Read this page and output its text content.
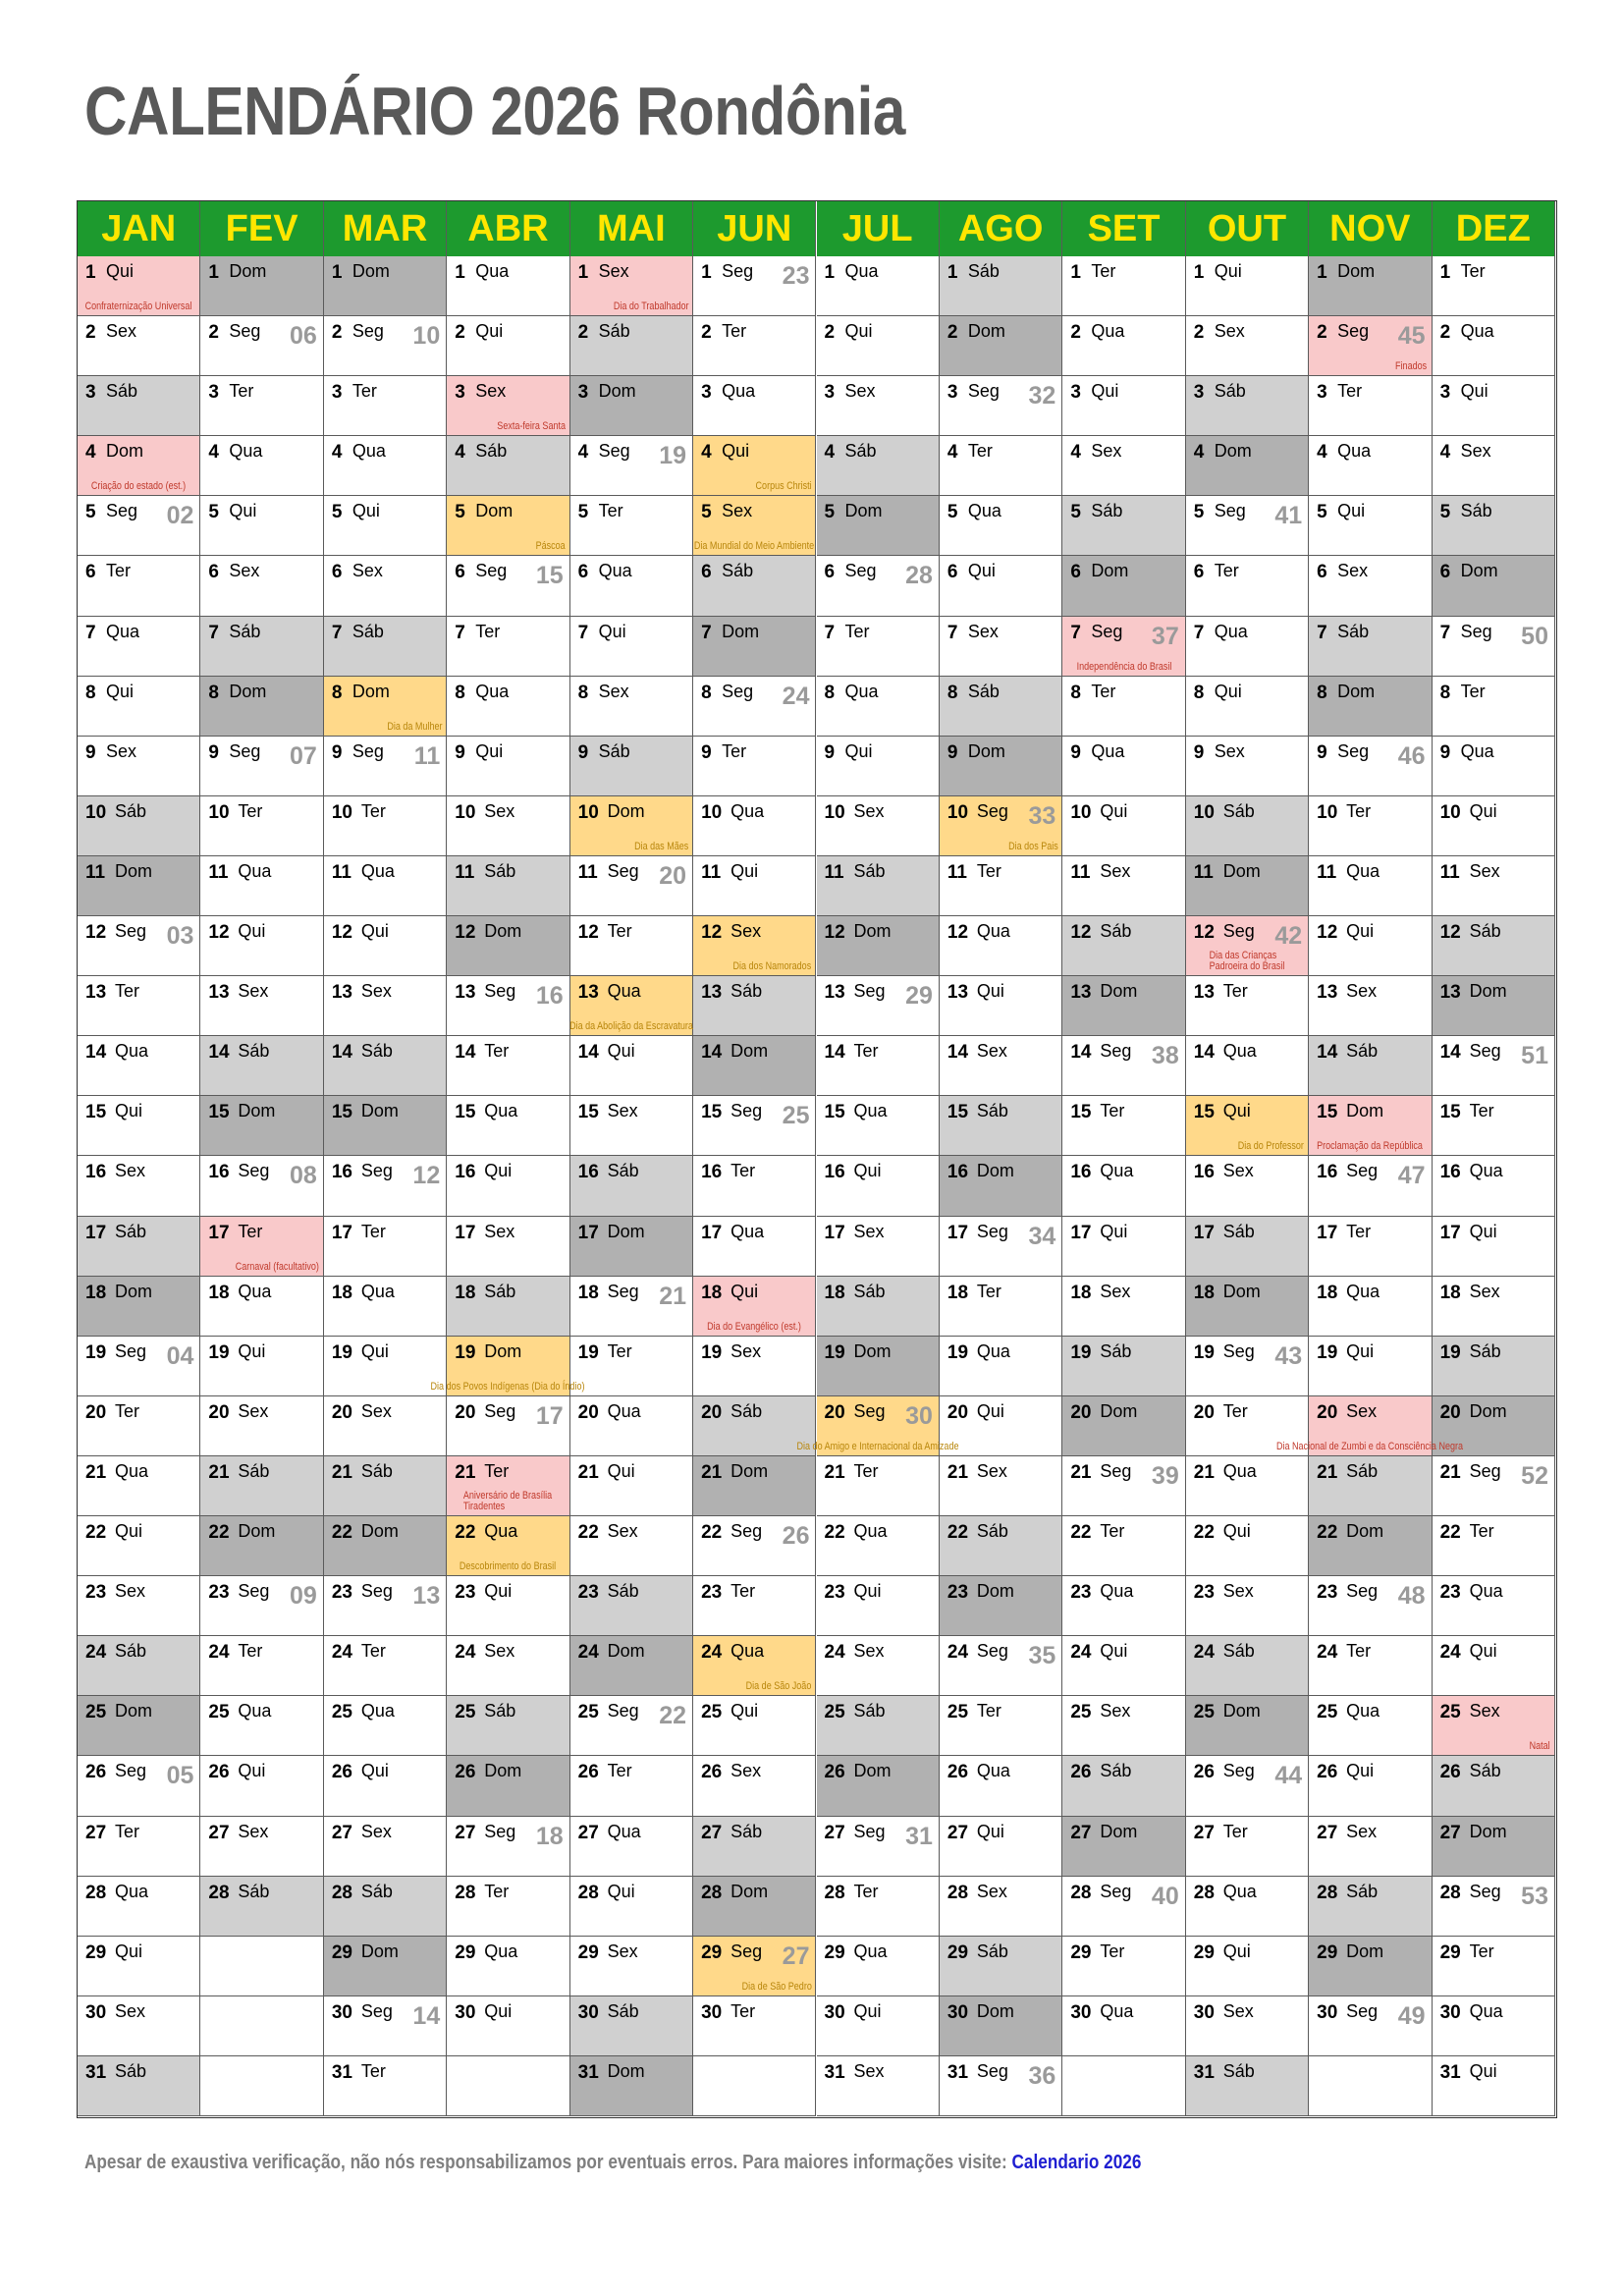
CALENDÁRIO 2026 Rondônia
JAN
1 Qui
Confraternização Universal
2 Sex
3 Sáb
4 Dom
Criação do estado (est.)
5 Seg 02
6 Ter
7 Qua
8 Qui
9 Sex
10 Sáb
11 Dom
12 Seg 03
13 Ter
14 Qua
15 Qui
16 Sex
17 Sáb
18 Dom
19 Seg 04
20 Ter
21 Qua
22 Qui
23 Sex
24 Sáb
25 Dom
26 Seg 05
27 Ter
28 Qua
29 Qui
30 Sex
31 Sáb
FEV
1 Dom
2 Seg 06
3 Ter
4 Qua
5 Qui
6 Sex
7 Sáb
8 Dom
9 Seg 07
10 Ter
11 Qua
12 Qui
13 Sex
14 Sáb
15 Dom
16 Seg 08
17 Ter
Carnaval (facultativo)
18 Qua
19 Qui
20 Sex
21 Sáb
22 Dom
23 Seg 09
24 Ter
25 Qua
26 Qui
27 Sex
28 Sáb
MAR
1 Dom
2 Seg 10
3 Ter
4 Qua
5 Qui
6 Sex
7 Sáb
8 Dom
Dia da Mulher
9 Seg 11
10 Ter
11 Qua
12 Qui
13 Sex
14 Sáb
15 Dom
16 Seg 12
17 Ter
18 Qua
19 Qui
20 Sex
21 Sáb
22 Dom
23 Seg 13
24 Ter
25 Qua
26 Qui
27 Sex
28 Sáb
29 Dom
30 Seg 14
31 Ter
ABR
1 Qua
2 Qui
3 Sex
Sexta-feira Santa
4 Sáb
5 Dom
Páscoa
6 Seg 15
7 Ter
8 Qua
9 Qui
10 Sex
11 Sáb
12 Dom
13 Seg 16
14 Ter
15 Qua
16 Qui
17 Sex
18 Sáb
19 Dom
Dia dos Povos Indígenas (Dia do Índio)
20 Seg 17
21 Ter
Aniversário de Brasília
Tiradentes
22 Qua
Descobrimento do Brasil
23 Qui
24 Sex
25 Sáb
26 Dom
27 Seg 18
28 Ter
29 Qua
30 Qui
MAI
1 Sex
Dia do Trabalhador
2 Sáb
3 Dom
4 Seg 19
5 Ter
6 Qua
7 Qui
8 Sex
9 Sáb
10 Dom
Dia das Mães
11 Seg 20
12 Ter
13 Qua
Dia da Abolição da Escravatura
14 Qui
15 Sex
16 Sáb
17 Dom
18 Seg 21
19 Ter
20 Qua
21 Qui
22 Sex
23 Sáb
24 Dom
25 Seg 22
26 Ter
27 Qua
28 Qui
29 Sex
30 Sáb
31 Dom
JUN
1 Seg 23
2 Ter
3 Qua
4 Qui
Corpus Christi
5 Sex
Dia Mundial do Meio Ambiente
6 Sáb
7 Dom
8 Seg 24
9 Ter
10 Qua
11 Qui
12 Sex
Dia dos Namorados
13 Sáb
14 Dom
15 Seg 25
16 Ter
17 Qua
18 Qui
Dia do Evangélico (est.)
19 Sex
20 Sáb
21 Dom
22 Seg 26
23 Ter
24 Qua
Dia de São João
25 Qui
26 Sex
27 Sáb
28 Dom
29 Seg 27
Dia de São Pedro
30 Ter
JUL
1 Qua
2 Qui
3 Sex
4 Sáb
5 Dom
6 Seg 28
7 Ter
8 Qua
9 Qui
10 Sex
11 Sáb
12 Dom
13 Seg 29
14 Ter
15 Qua
16 Qui
17 Sex
18 Sáb
19 Dom
20 Seg 30
Dia do Amigo e Internacional da Amizade
21 Ter
22 Qua
23 Qui
24 Sex
25 Sáb
26 Dom
27 Seg 31
28 Ter
29 Qua
30 Qui
31 Sex
AGO
1 Sáb
2 Dom
3 Seg 32
4 Ter
5 Qua
6 Qui
7 Sex
8 Sáb
9 Dom
10 Seg 33
Dia dos Pais
11 Ter
12 Qua
13 Qui
14 Sex
15 Sáb
16 Dom
17 Seg 34
18 Ter
19 Qua
20 Qui
21 Sex
22 Sáb
23 Dom
24 Seg 35
25 Ter
26 Qua
27 Qui
28 Sex
29 Sáb
30 Dom
31 Seg 36
SET
1 Ter
2 Qua
3 Qui
4 Sex
5 Sáb
6 Dom
7 Seg 37
Independência do Brasil
8 Ter
9 Qua
10 Qui
11 Sex
12 Sáb
13 Dom
14 Seg 38
15 Ter
16 Qua
17 Qui
18 Sex
19 Sáb
20 Dom
21 Seg 39
22 Ter
23 Qua
24 Qui
25 Sex
26 Sáb
27 Dom
28 Seg 40
29 Ter
30 Qua
OUT
1 Qui
2 Sex
3 Sáb
4 Dom
5 Seg 41
6 Ter
7 Qua
8 Qui
9 Sex
10 Sáb
11 Dom
12 Seg 42
Dia das Crianças
Padroeira do Brasil
13 Ter
14 Qua
15 Qui
Dia do Professor
16 Sex
17 Sáb
18 Dom
19 Seg 43
20 Ter
21 Qua
22 Qui
23 Sex
24 Sáb
25 Dom
26 Seg 44
27 Ter
28 Qua
29 Qui
30 Sex
31 Sáb
NOV
1 Dom
2 Seg 45
Finados
3 Ter
4 Qua
5 Qui
6 Sex
7 Sáb
8 Dom
9 Seg 46
10 Ter
11 Qua
12 Qui
13 Sex
14 Sáb
15 Dom
Proclamação da República
16 Seg 47
17 Ter
18 Qua
19 Qui
20 Sex
Dia Nacional de Zumbi e da Consciência Negra
21 Sáb
22 Dom
23 Seg 48
24 Ter
25 Qua
26 Qui
27 Sex
28 Sáb
29 Dom
30 Seg 49
DEZ
1 Ter
2 Qua
3 Qui
4 Sex
5 Sáb
6 Dom
7 Seg 50
8 Ter
9 Qua
10 Qui
11 Sex
12 Sáb
13 Dom
14 Seg 51
15 Ter
16 Qua
17 Qui
18 Sex
19 Sáb
20 Dom
21 Seg 52
22 Ter
23 Qua
24 Qui
25 Sex
Natal
26 Sáb
27 Dom
28 Seg 53
29 Ter
30 Qua
31 Qui
Apesar de exaustiva verificação, não nós responsabilizamos por eventuais erros. Para maiores informações visite: Calendario 2026
